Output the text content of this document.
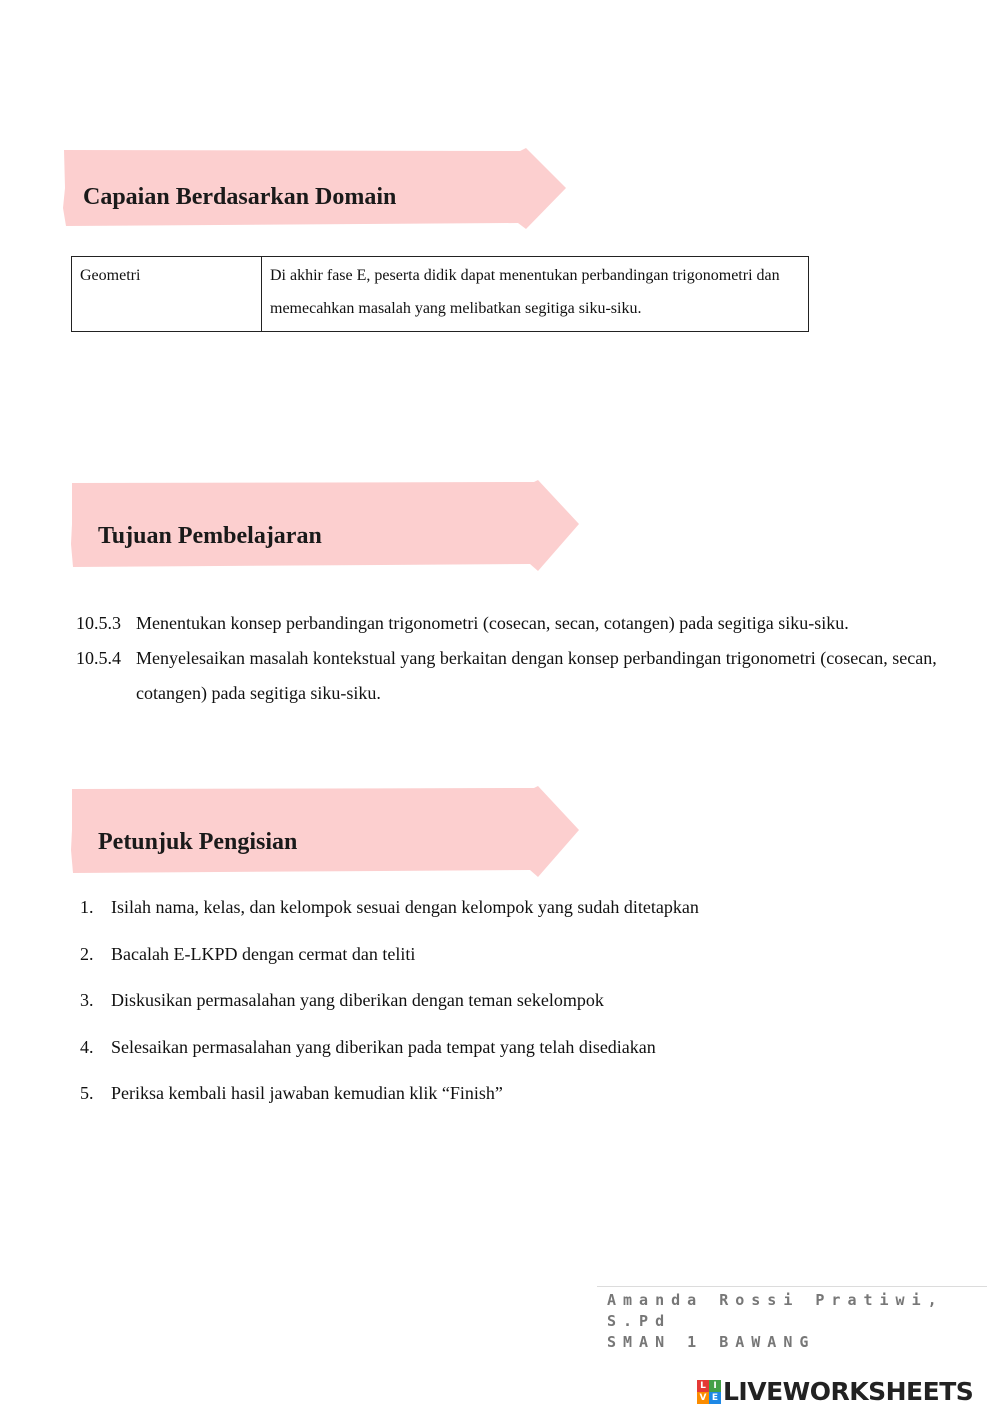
Capaian Berdasarkan Domain
Geometri	Di akhir fase E, peserta didik dapat menentukan perbandingan trigonometri dan memecahkan masalah yang melibatkan segitiga siku-siku.
Tujuan Pembelajaran
10.5.3 Menentukan konsep perbandingan trigonometri (cosecan, secan, cotangen) pada segitiga siku-siku.
10.5.4 Menyelesaikan masalah kontekstual yang berkaitan dengan konsep perbandingan trigonometri (cosecan, secan, cotangen) pada segitiga siku-siku.
Petunjuk Pengisian
1. Isilah nama, kelas, dan kelompok sesuai dengan kelompok yang sudah ditetapkan
2. Bacalah E-LKPD dengan cermat dan teliti
3. Diskusikan permasalahan yang diberikan dengan teman sekelompok
4. Selesaikan permasalahan yang diberikan pada tempat yang telah disediakan
5. Periksa kembali hasil jawaban kemudian klik “Finish”
Amanda Rossi Pratiwi, S.Pd
SMAN 1 BAWANG
L I
V E LIVEWORKSHEETS
